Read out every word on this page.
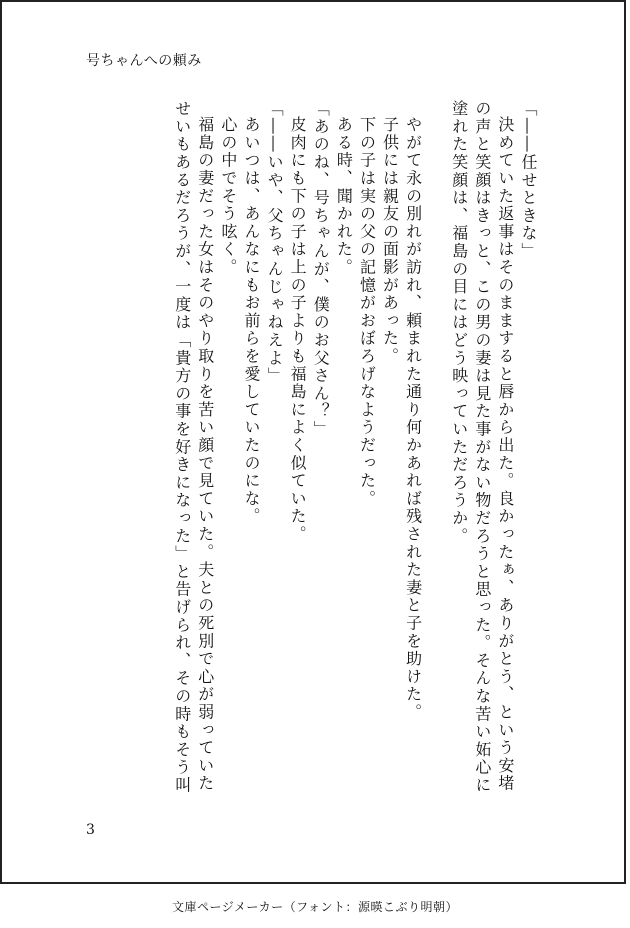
号ちゃんへの頼み

「――任せときな」

決めていた返事はそのまますると唇から出た。良かったぁ、ありがとう、という安堵の声と笑顔はきっと、この男の妻は見た事がない物だろうと思った。そんな苦い妬心に塗れた笑顔は、福島の目にはどう映っていただろうか。

やがて永の別れが訪れ、頼まれた通り何かあれば残された妻と子を助けた。

子供には親友の面影があった。

下の子は実の父の記憶がおぼろげなようだった。

ある時、聞かれた。

「あのね、号ちゃんが、僕のお父さん？」

皮肉にも下の子は上の子よりも福島によく似ていた。

「――いや、父ちゃんじゃねえよ」

あいつは、あんなにもお前らを愛していたのにな。

心の中でそう呟く。

福島の妻だった女はそのやり取りを苦い顔で見ていた。夫との死別で心が弱っていたせいもあるだろうが、一度は「貴方の事を好きになった」と告げられ、その時もそう叫

3
文庫ページメーカー（フォント：源暎こぶり明朝）
